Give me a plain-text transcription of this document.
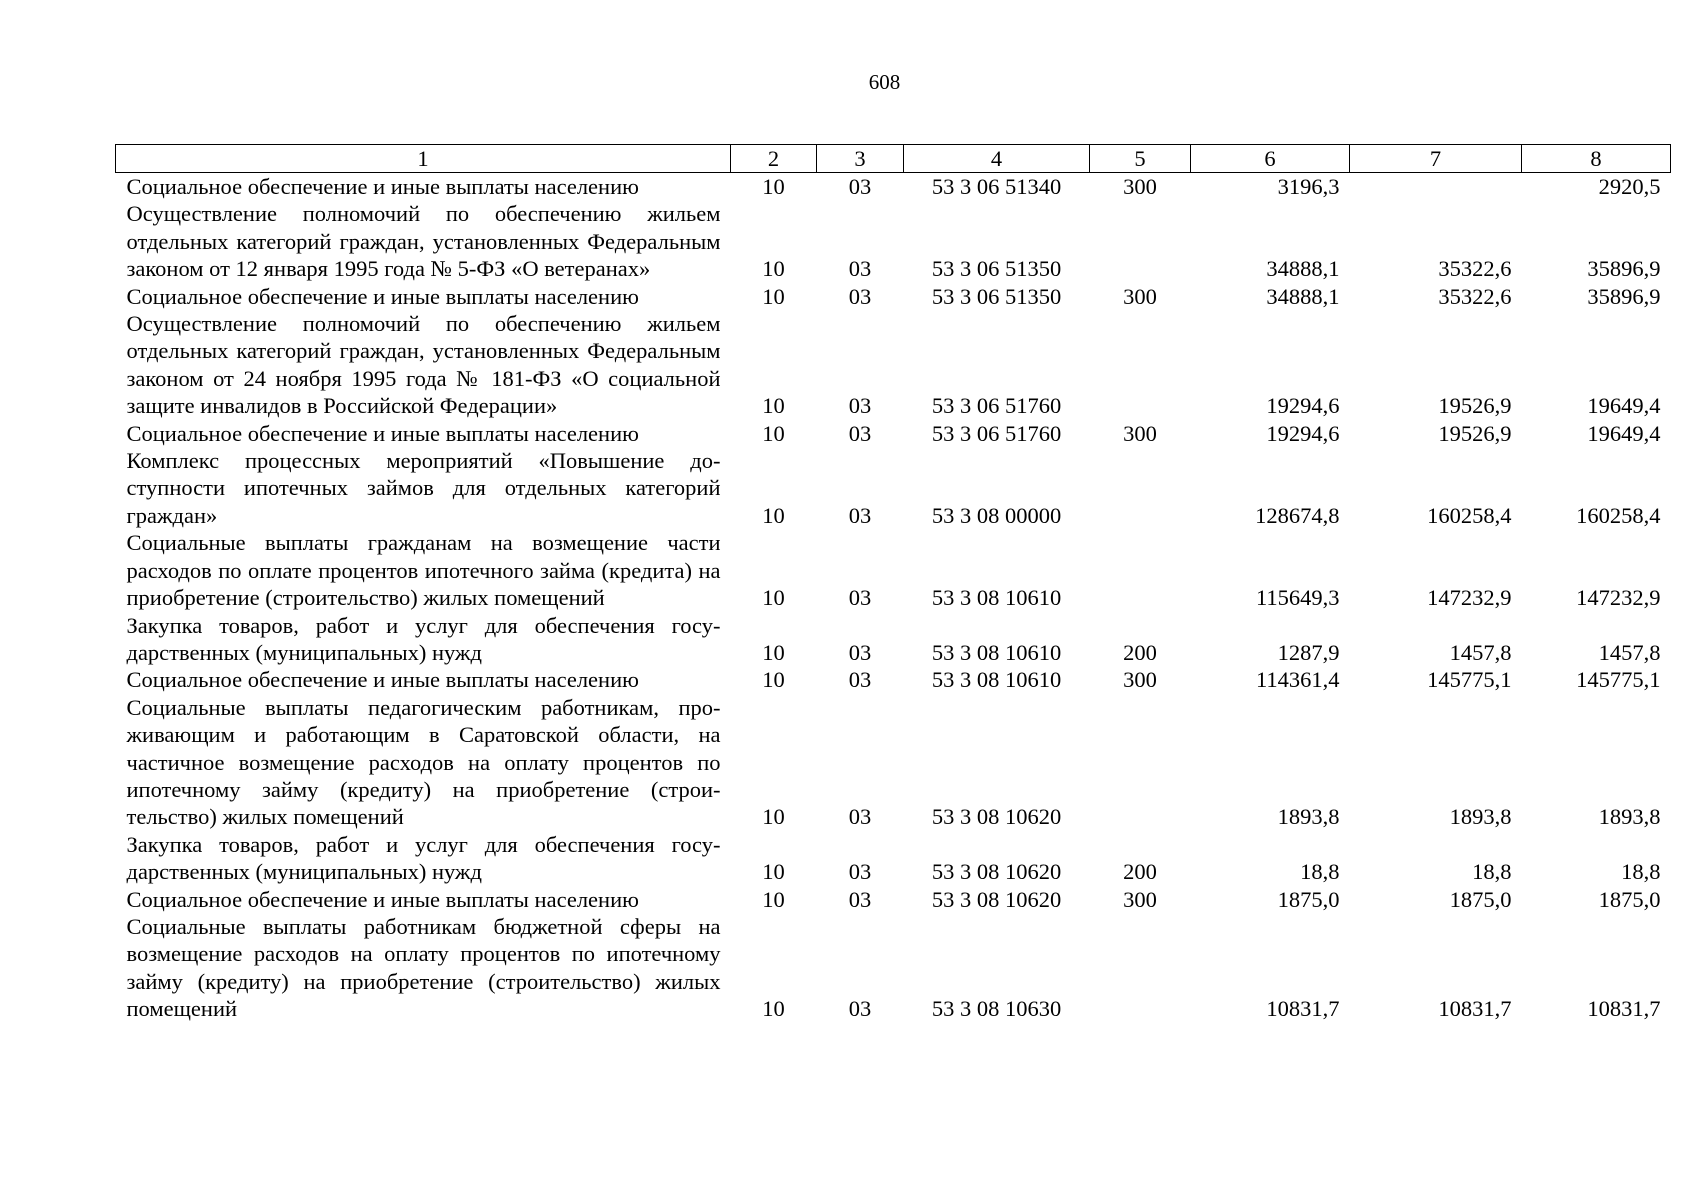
608
1	2	3	4	5	6	7	8
Социальное обеспечение и иные выплаты населению	10	03	53 3 06 51340	300	3196,3		2920,5
Осуществление полномочий по обеспечению жильем отдельных категорий граждан, установленных Федеральным законом от 12 января 1995 года № 5-ФЗ «О ветеранах»	10	03	53 3 06 51350		34888,1	35322,6	35896,9
Социальное обеспечение и иные выплаты населению	10	03	53 3 06 51350	300	34888,1	35322,6	35896,9
Осуществление полномочий по обеспечению жильем отдельных категорий граждан, установленных Федеральным законом от 24 ноября 1995 года № 181-ФЗ «О социальной защите инвалидов в Российской Федерации»	10	03	53 3 06 51760		19294,6	19526,9	19649,4
Социальное обеспечение и иные выплаты населению	10	03	53 3 06 51760	300	19294,6	19526,9	19649,4
Комплекс процессных мероприятий «Повышение доступности ипотечных займов для отдельных категорий граждан»	10	03	53 3 08 00000		128674,8	160258,4	160258,4
Социальные выплаты гражданам на возмещение части расходов по оплате процентов ипотечного займа (кредита) на приобретение (строительство) жилых помещений	10	03	53 3 08 10610		115649,3	147232,9	147232,9
Закупка товаров, работ и услуг для обеспечения государственных (муниципальных) нужд	10	03	53 3 08 10610	200	1287,9	1457,8	1457,8
Социальное обеспечение и иные выплаты населению	10	03	53 3 08 10610	300	114361,4	145775,1	145775,1
Социальные выплаты педагогическим работникам, проживающим и работающим в Саратовской области, на частичное возмещение расходов на оплату процентов по ипотечному займу (кредиту) на приобретение (строительство) жилых помещений	10	03	53 3 08 10620		1893,8	1893,8	1893,8
Закупка товаров, работ и услуг для обеспечения государственных (муниципальных) нужд	10	03	53 3 08 10620	200	18,8	18,8	18,8
Социальное обеспечение и иные выплаты населению	10	03	53 3 08 10620	300	1875,0	1875,0	1875,0
Социальные выплаты работникам бюджетной сферы на возмещение расходов на оплату процентов по ипотечному займу (кредиту) на приобретение (строительство) жилых помещений	10	03	53 3 08 10630		10831,7	10831,7	10831,7
